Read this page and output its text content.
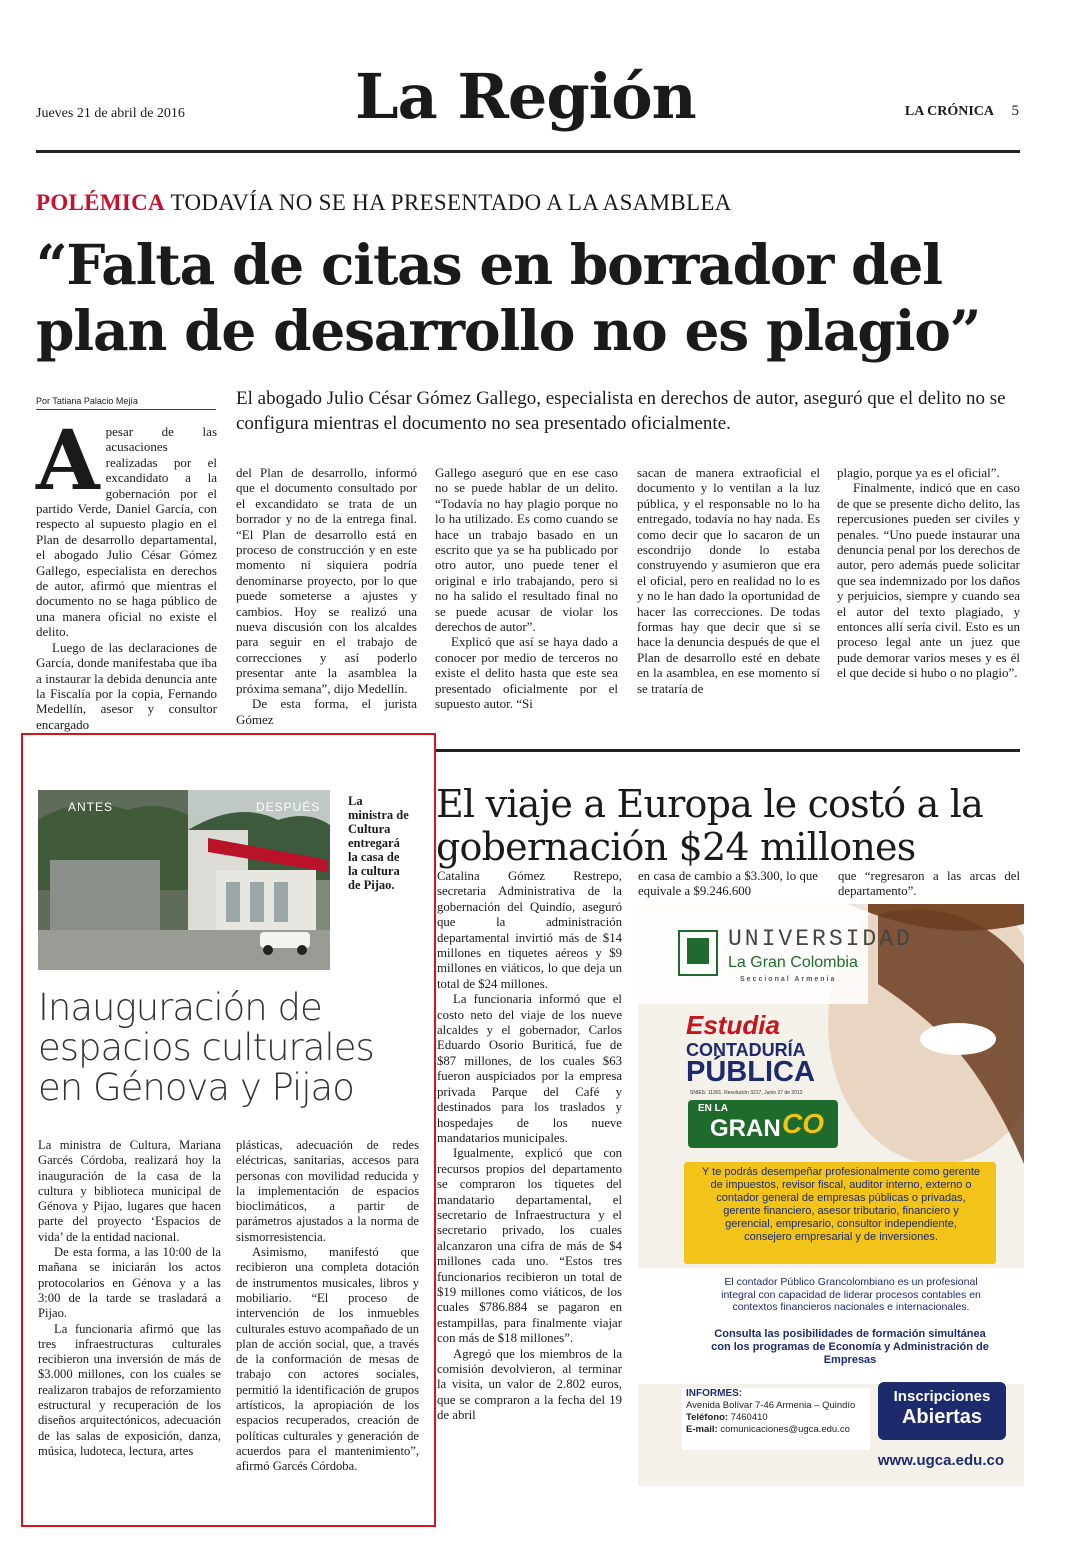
Jueves 21 de abril de 2016	La Región	LA CRÓNICA 5
POLÉMICA TODAVÍA NO SE HA PRESENTADO A LA ASAMBLEA
“Falta de citas en borrador del plan de desarrollo no es plagio”
Por Tatiana Palacio Mejía	El abogado Julio César Gómez Gallego, especialista en derechos de autor, aseguró que el delito no se configura mientras el documento no sea presentado oficialmente.
A pesar de las acusaciones realizadas por el excandidato a la gobernación por el partido Verde, Daniel García, con respecto al supuesto plagio en el Plan de desarrollo departamental, el abogado Julio César Gómez Gallego, especialista en derechos de autor, afirmó que mientras el documento no se haga público de una manera oficial no existe el delito.

Luego de las declaraciones de García, donde manifestaba que iba a instaurar la debida denuncia ante la Fiscalía por la copia, Fernando Medellín, asesor y consultor encargado

del Plan de desarrollo, informó que el documento consultado por el excandidato se trata de un borrador y no de la entrega final. “El Plan de desarrollo está en proceso de construcción y en este momento ni siquiera podría denominarse proyecto, por lo que puede someterse a ajustes y cambios. Hoy se realizó una nueva discusión con los alcaldes para seguir en el trabajo de correcciones y así poderlo presentar ante la asamblea la próxima semana”, dijo Medellín.

De esta forma, el jurista Gómez

Gallego aseguró que en ese caso no se puede hablar de un delito. “Todavía no hay plagio porque no lo ha utilizado. Es como cuando se hace un trabajo basado en un escrito que ya se ha publicado por otro autor, uno puede tener el original e irlo trabajando, pero si no ha salido el resultado final no se puede acusar de violar los derechos de autor”.

Explicó que así se haya dado a conocer por medio de terceros no existe el delito hasta que este sea presentado oficialmente por el supuesto autor. “Si

sacan de manera extraoficial el documento y lo ventilan a la luz pública, y el responsable no lo ha entregado, todavía no hay nada. Es como decir que lo sacaron de un escondrijo donde lo estaba construyendo y asumieron que era el oficial, pero en realidad no lo es y no le han dado la oportunidad de hacer las correcciones. De todas formas hay que decir que si se hace la denuncia después de que el Plan de desarrollo esté en debate en la asamblea, en ese momento sí se trataría de

plagio, porque ya es el oficial”.

Finalmente, indicó que en caso de que se presente dicho delito, las repercusiones pueden ser civiles y penales. “Uno puede instaurar una denuncia penal por los derechos de autor, pero además puede solicitar que sea indemnizado por los daños y perjuicios, siempre y cuando sea el autor del texto plagiado, y entonces allí sería civil. Esto es un proceso legal ante un juez que pude demorar varios meses y es él el que decide si hubo o no plagio”.

ANTES	DESPUÉS La ministra de Cultura entregará la casa de la cultura de Pijao.
Inauguración de espacios culturales en Génova y Pijao

La ministra de Cultura, Mariana Garcés Córdoba, realizará hoy la inauguración de la casa de la cultura y biblioteca municipal de Génova y Pijao, lugares que hacen parte del proyecto ‘Espacios de vida’ de la entidad nacional.

De esta forma, a las 10:00 de la mañana se iniciarán los actos protocolarios en Génova y a las 3:00 de la tarde se trasladará a Pijao.

La funcionaria afirmó que las tres infraestructuras culturales recibieron una inversión de más de $3.000 millones, con los cuales se realizaron trabajos de reforzamiento estructural y recuperación de los diseños arquitectónicos, adecuación de las salas de exposición, danza, música, ludoteca, lectura, artes

plásticas, adecuación de redes eléctricas, sanitarias, accesos para personas con movilidad reducida y la implementación de espacios bioclimáticos, a partir de parámetros ajustados a la norma de sismorresistencia.

Asimismo, manifestó que recibieron una completa dotación de instrumentos musicales, libros y mobiliario. “El proceso de intervención de los inmuebles culturales estuvo acompañado de un plan de acción social, que, a través de la conformación de mesas de trabajo con actores sociales, permitió la identificación de grupos artísticos, la apropiación de los espacios recuperados, creación de políticas culturales y generación de acuerdos para el mantenimiento”, afirmó Garcés Córdoba.

El viaje a Europa le costó a la gobernación $24 millones

Catalina Gómez Restrepo, secretaria Administrativa de la gobernación del Quindío, aseguró que la administración departamental invirtió más de $14 millones en tiquetes aéreos y $9 millones en viáticos, lo que deja un total de $24 millones.

La funcionaria informó que el costo neto del viaje de los nueve alcaldes y el gobernador, Carlos Eduardo Osorio Buriticá, fue de $87 millones, de los cuales $63 fueron auspiciados por la empresa privada Parque del Café y destinados para los traslados y hospedajes de los nueve mandatarios municipales.

Igualmente, explicó que con recursos propios del departamento se compraron los tiquetes del mandatario departamental, el secretario de Infraestructura y el secretario privado, los cuales alcanzaron una cifra de más de $4 millones cada uno. “Estos tres funcionarios recibieron un total de $19 millones como viáticos, de los cuales $786.884 se pagaron en estampillas, para finalmente viajar con más de $18 millones”.

Agregó que los miembros de la comisión devolvieron, al terminar la visita, un valor de 2.802 euros, que se compraron a la fecha del 19 de abril

en casa de cambio a $3.300, lo que equivale a $9.246.600

que “regresaron a las arcas del departamento”.

UNIVERSIDAD
La Gran Colombia
Seccional Armenia
Estudia
CONTADURÍA
PÚBLICA
SNIES: 11301. Resolución 3217, Junio 27 de 2012
EN LA
GRAN CO
Y te podrás desempeñar profesionalmente como gerente de impuestos, revisor fiscal, auditor interno, externo o contador general de empresas públicas o privadas, gerente financiero, asesor tributario, financiero y gerencial, empresario, consultor independiente, consejero empresarial y de inversiones.
El contador Público Grancolombiano es un profesional integral con capacidad de liderar procesos contables en contextos financieros nacionales e internacionales.
Consulta las posibilidades de formación simultánea con los programas de Economía y Administración de Empresas
INFORMES:
Avenida Bolívar 7-46 Armenia – Quindío
Teléfono: 7460410
E-mail: comunicaciones@ugca.edu.co
Inscripciones
Abiertas
www.ugca.edu.co
